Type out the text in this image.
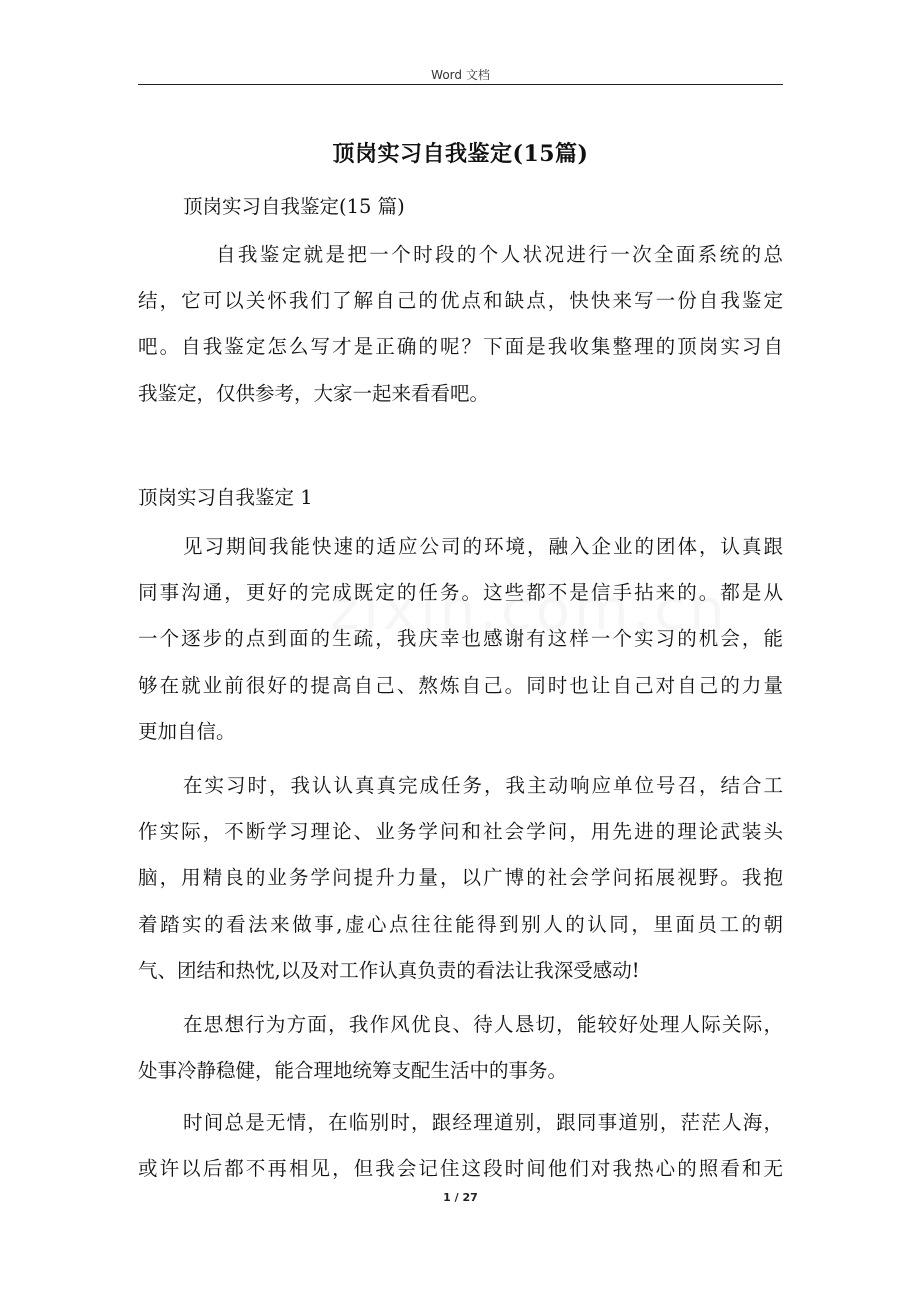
Word 文档
顶岗实习自我鉴定(15篇)
顶岗实习自我鉴定(15 篇)
自我鉴定就是把一个时段的个人状况进行一次全面系统的总
结，它可以关怀我们了解自己的优点和缺点，快快来写一份自我鉴定
吧。自我鉴定怎么写才是正确的呢？下面是我收集整理的顶岗实习自
我鉴定，仅供参考，大家一起来看看吧。
顶岗实习自我鉴定 1
见习期间我能快速的适应公司的环境，融入企业的团体，认真跟
同事沟通，更好的完成既定的任务。这些都不是信手拈来的。都是从
一个逐步的点到面的生疏，我庆幸也感谢有这样一个实习的机会，能
够在就业前很好的提高自己、熬炼自己。同时也让自己对自己的力量
更加自信。
在实习时，我认认真真完成任务，我主动响应单位号召，结合工
作实际，不断学习理论、业务学问和社会学问，用先进的理论武装头
脑，用精良的业务学问提升力量，以广博的社会学问拓展视野。我抱
着踏实的看法来做事,虚心点往往能得到别人的认同，里面员工的朝
气、团结和热忱,以及对工作认真负责的看法让我深受感动!
在思想行为方面，我作风优良、待人恳切，能较好处理人际关际，
处事冷静稳健，能合理地统筹支配生活中的事务。
时间总是无情，在临别时，跟经理道别，跟同事道别，茫茫人海，
或许以后都不再相见，但我会记住这段时间他们对我热心的照看和无
1 / 27
